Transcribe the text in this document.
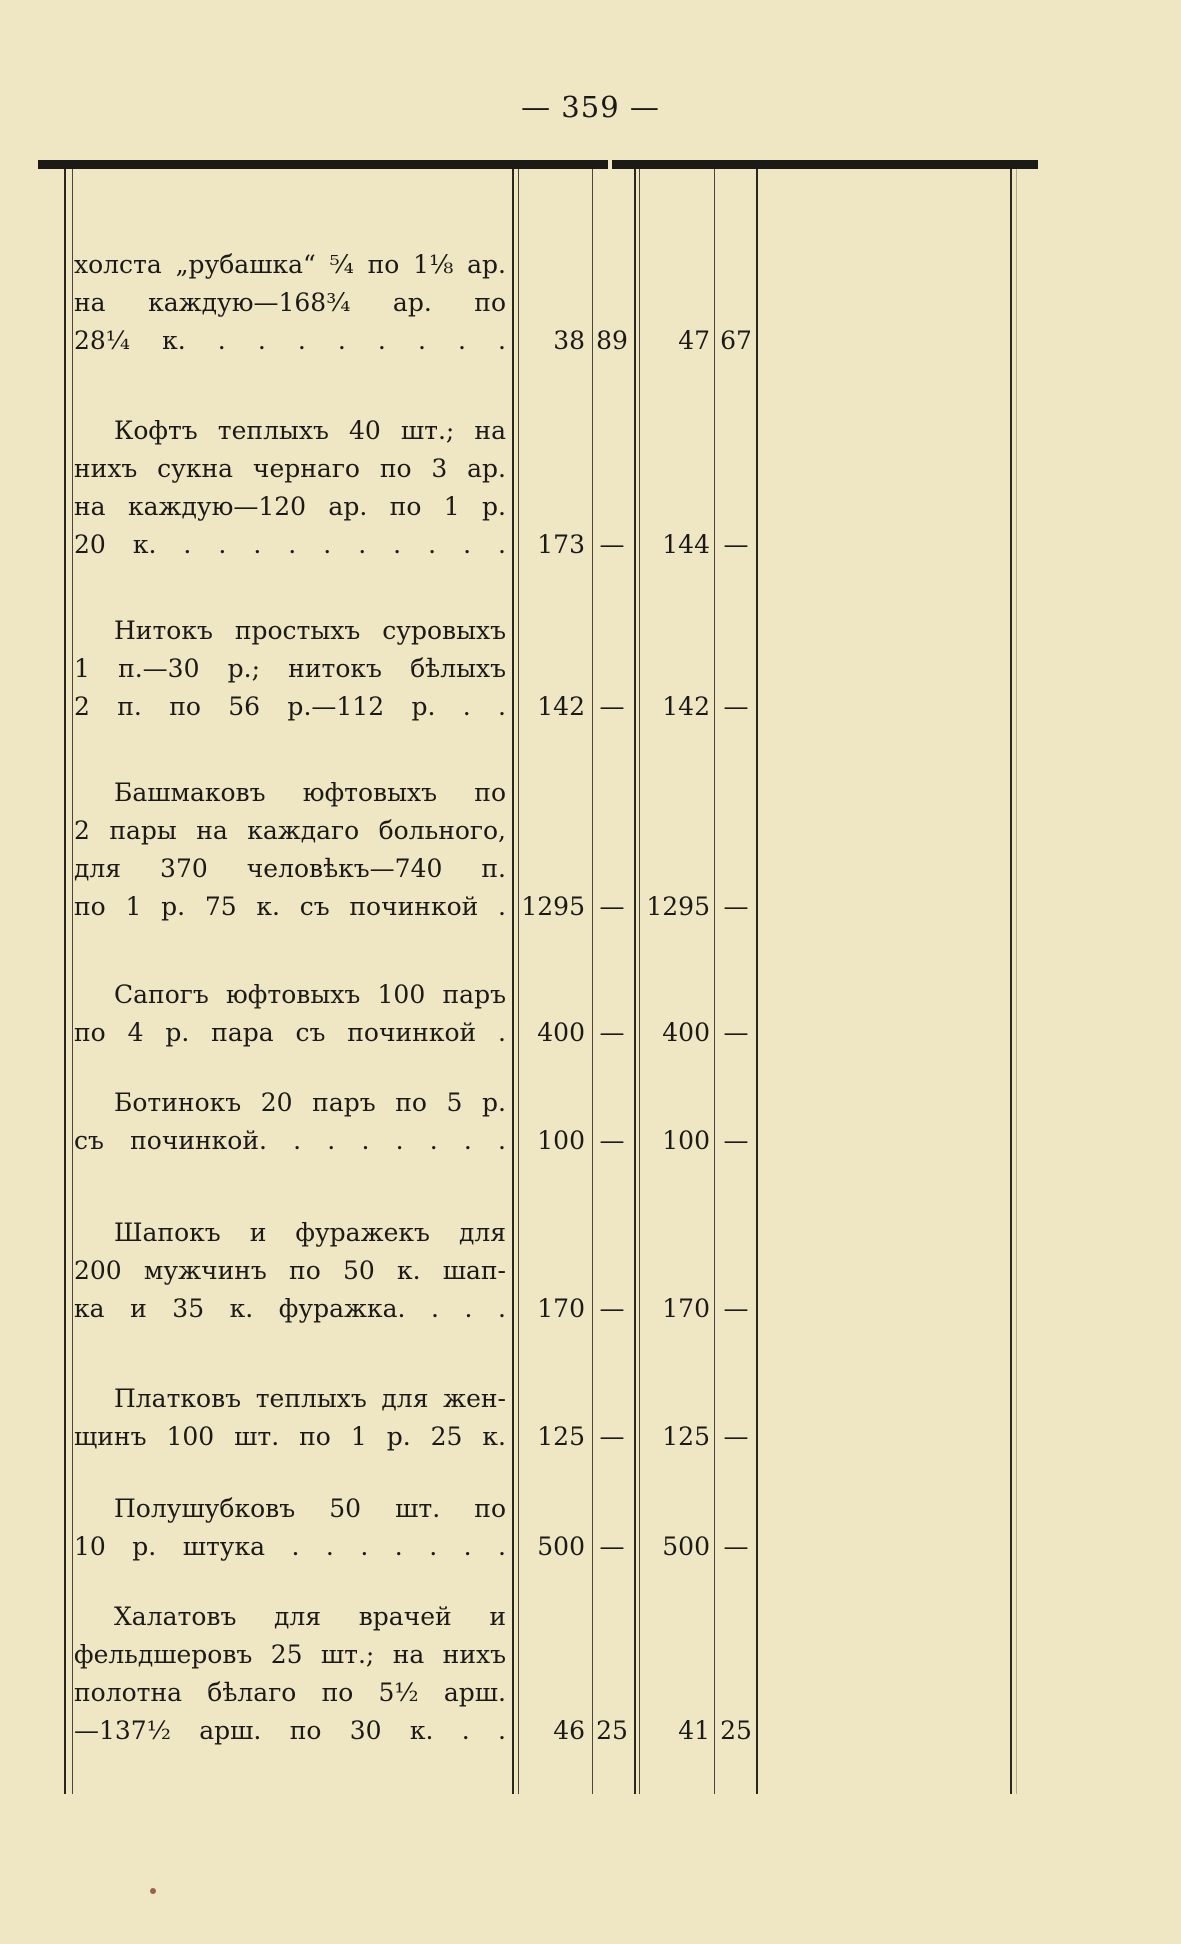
— 359 —
холста „рубашка“ ⁵⁄₄ по 1⅛ ар.
на каждую—168³⁄₄ ар. по
28¼ к. . . . . . . . .	38 89	47 67
Кофтъ теплыхъ 40 шт.; на
нихъ сукна чернаго по 3 ар.
на каждую—120 ар. по 1 р.
20 к. . . . . . . . . . .	173 —	144 —
Нитокъ простыхъ суровыхъ
1 п.—30 р.; нитокъ бѣлыхъ
2 п. по 56 р.—112 р. . .	142 —	142 —
Башмаковъ юфтовыхъ по
2 пары на каждаго больного,
для 370 человѣкъ—740 п.
по 1 р. 75 к. съ починкой . 1295 — 1295 —
Сапогъ юфтовыхъ 100 паръ
по 4 р. пара съ починкой .	400 —	400 —
Ботинокъ 20 паръ по 5 р.
съ починкой. . . . . . . .	100 —	100 —
Шапокъ и фуражекъ для
200 мужчинъ по 50 к. шап-
ка и 35 к. фуражка. . . .	170 —	170 —
Платковъ теплыхъ для жен-
щинъ 100 шт. по 1 р. 25 к.	125 —	125 —
Полушубковъ 50 шт. по
10 р. штука . . . . . . .	500 —	500 —
Халатовъ для врачей и
фельдшеровъ 25 шт.; на нихъ
полотна бѣлаго по 5½ арш.
—137½ арш. по 30 к. . .	46 25	41 25
